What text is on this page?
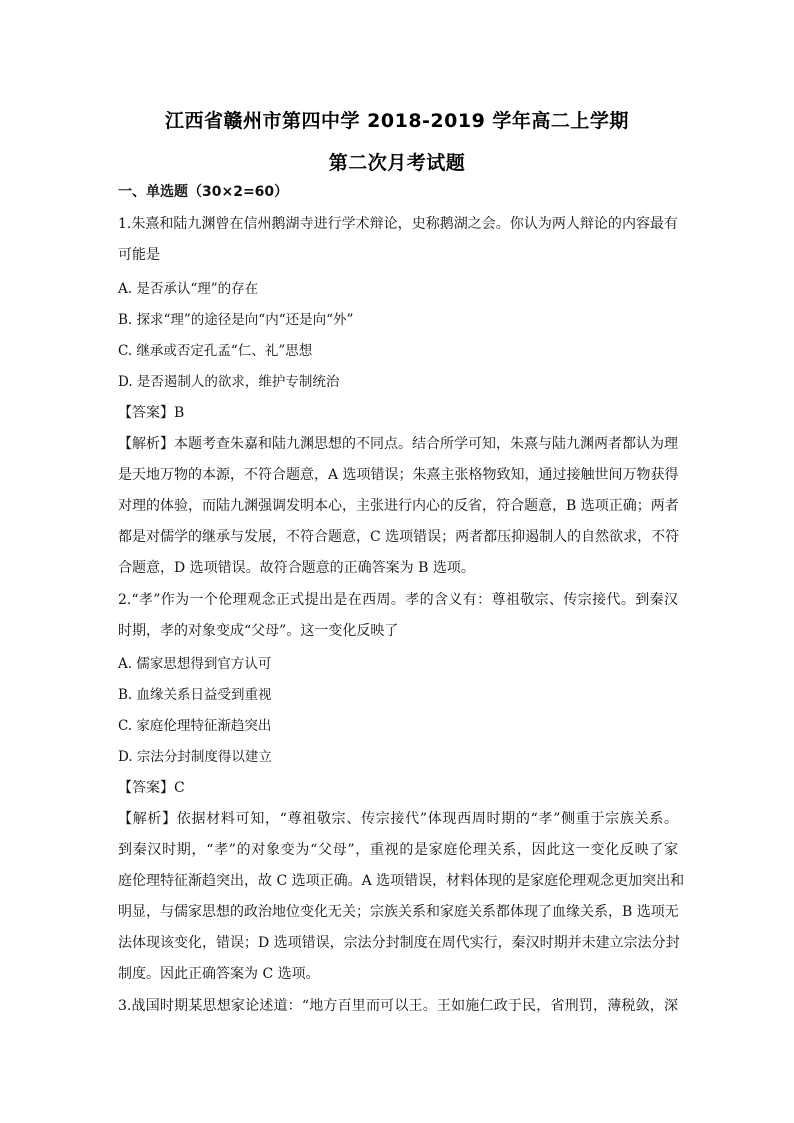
江西省赣州市第四中学 2018-2019 学年高二上学期
第二次月考试题
一、单选题（30×2=60）
1.朱熹和陆九渊曾在信州鹅湖寺进行学术辩论，史称鹅湖之会。你认为两人辩论的内容最有
可能是
A. 是否承认“理”的存在
B. 探求“理”的途径是向“内“还是向“外”
C. 继承或否定孔孟“仁、礼”思想
D. 是否遏制人的欲求，维护专制统治
【答案】B
【解析】本题考查朱嘉和陆九渊思想的不同点。结合所学可知，朱熹与陆九渊两者都认为理
是天地万物的本源，不符合题意，A 选项错误；朱熹主张格物致知，通过接触世间万物获得
对理的体验，而陆九渊强调发明本心，主张进行内心的反省，符合题意，B 选项正确；两者
都是对儒学的继承与发展，不符合题意，C 选项错误；两者都压抑遏制人的自然欲求，不符
合题意，D 选项错误。故符合题意的正确答案为 B 选项。
2.“孝”作为一个伦理观念正式提出是在西周。孝的含义有：尊祖敬宗、传宗接代。到秦汉
时期，孝的对象变成“父母”。这一变化反映了
A. 儒家思想得到官方认可
B. 血缘关系日益受到重视
C. 家庭伦理特征渐趋突出
D. 宗法分封制度得以建立
【答案】C
【解析】依据材料可知，“尊祖敬宗、传宗接代”体现西周时期的“孝”侧重于宗族关系。
到秦汉时期，“孝”的对象变为“父母”，重视的是家庭伦理关系，因此这一变化反映了家
庭伦理特征渐趋突出，故 C 选项正确。A 选项错误，材料体现的是家庭伦理观念更加突出和
明显，与儒家思想的政治地位变化无关；宗族关系和家庭关系都体现了血缘关系，B 选项无
法体现该变化，错误；D 选项错误，宗法分封制度在周代实行，秦汉时期并未建立宗法分封
制度。因此正确答案为 C 选项。
3.战国时期某思想家论述道：“地方百里而可以王。王如施仁政于民，省刑罚，薄税敛，深
